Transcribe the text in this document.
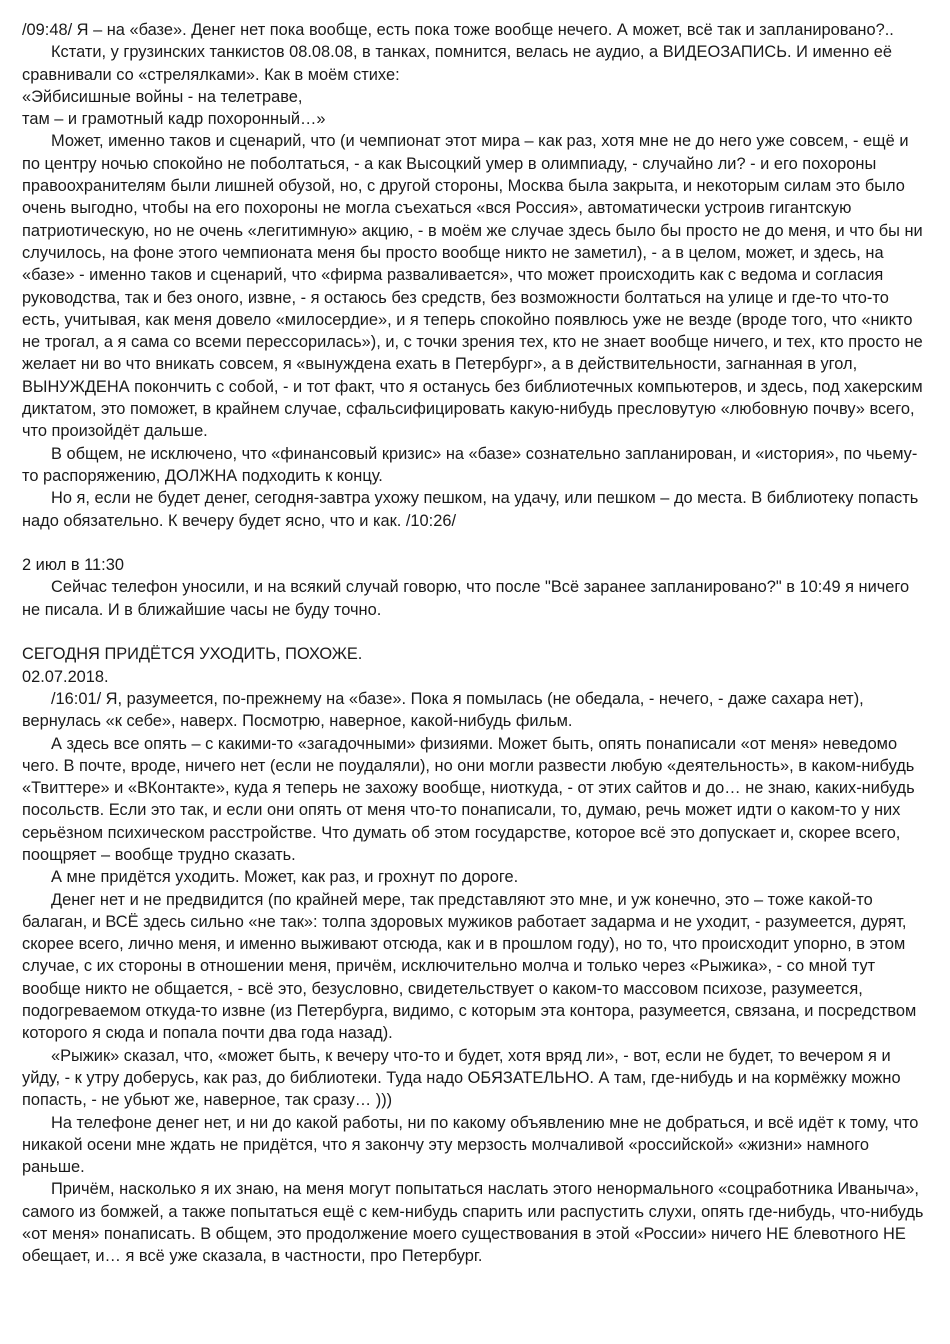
/09:48/ Я – на «базе». Денег нет пока вообще, есть пока тоже вообще нечего. А может, всё так и запланировано?..

Кстати, у грузинских танкистов 08.08.08, в танках, помнится, велась не аудио, а ВИДЕОЗАПИСЬ. И именно её сравнивали со «стрелялками». Как в моём стихе:

«Эйбисишные войны - на телетраве,

там – и грамотный кадр похоронный…»

Может, именно таков и сценарий, что (и чемпионат этот мира – как раз, хотя мне не до него уже совсем, - ещё и по центру ночью спокойно не поболтаться, - а как Высоцкий умер в олимпиаду, - случайно ли? - и его похороны правоохранителям были лишней обузой, но, с другой стороны, Москва была закрыта, и некоторым силам это было очень выгодно, чтобы на его похороны не могла съехаться «вся Россия», автоматически устроив гигантскую патриотическую, но не очень «легитимную» акцию, - в моём же случае здесь было бы просто не до меня, и что бы ни случилось, на фоне этого чемпионата меня бы просто вообще никто не заметил), - а в целом, может, и здесь, на «базе» - именно таков и сценарий, что «фирма разваливается», что может происходить как с ведома и согласия руководства, так и без оного, извне, - я остаюсь без средств, без возможности болтаться на улице и где-то что-то есть, учитывая, как меня довело «милосердие», и я теперь спокойно появлюсь уже не везде (вроде того, что «никто не трогал, а я сама со всеми перессорилась»), и, с точки зрения тех, кто не знает вообще ничего, и тех, кто просто не желает ни во что вникать совсем, я «вынуждена ехать в Петербург», а в действительности, загнанная в угол, ВЫНУЖДЕНА покончить с собой, - и тот факт, что я останусь без библиотечных компьютеров, и здесь, под хакерским диктатом, это поможет, в крайнем случае, сфальсифицировать какую-нибудь пресловутую «любовную почву» всего, что произойдёт дальше.

В общем, не исключено, что «финансовый кризис» на «базе» сознательно запланирован, и «история», по чьему-то распоряжению, ДОЛЖНА подходить к концу.

Но я, если не будет денег, сегодня-завтра ухожу пешком, на удачу, или пешком – до места. В библиотеку попасть надо обязательно. К вечеру будет ясно, что и как. /10:26/

2 июл в 11:30

Сейчас телефон уносили, и на всякий случай говорю, что после "Всё заранее запланировано?" в 10:49 я ничего не писала. И в ближайшие часы не буду точно.

СЕГОДНЯ ПРИДЁТСЯ УХОДИТЬ, ПОХОЖЕ.

02.07.2018.

/16:01/ Я, разумеется, по-прежнему на «базе». Пока я помылась (не обедала, - нечего, - даже сахара нет), вернулась «к себе», наверх. Посмотрю, наверное, какой-нибудь фильм.

А здесь все опять – с какими-то «загадочными» физиями. Может быть, опять понаписали «от меня» неведомо чего. В почте, вроде, ничего нет (если не поудаляли), но они могли развести любую «деятельность», в каком-нибудь «Твиттере» и «ВКонтакте», куда я теперь не захожу вообще, ниоткуда, - от этих сайтов и до… не знаю, каких-нибудь посольств. Если это так, и если они опять от меня что-то понаписали, то, думаю, речь может идти о каком-то у них серьёзном психическом расстройстве. Что думать об этом государстве, которое всё это допускает и, скорее всего, поощряет – вообще трудно сказать.

А мне придётся уходить. Может, как раз, и грохнут по дороге.

Денег нет и не предвидится (по крайней мере, так представляют это мне, и уж конечно, это – тоже какой-то балаган, и ВСЁ здесь сильно «не так»: толпа здоровых мужиков работает задарма и не уходит, - разумеется, дурят, скорее всего, лично меня, и именно выживают отсюда, как и в прошлом году), но то, что происходит упорно, в этом случае, с их стороны в отношении меня, причём, исключительно молча и только через «Рыжика», - со мной тут вообще никто не общается, - всё это, безусловно, свидетельствует о каком-то массовом психозе, разумеется, подогреваемом откуда-то извне (из Петербурга, видимо, с которым эта контора, разумеется, связана, и посредством которого я сюда и попала почти два года назад).

«Рыжик» сказал, что, «может быть, к вечеру что-то и будет, хотя вряд ли», - вот, если не будет, то вечером я и уйду, - к утру доберусь, как раз, до библиотеки. Туда надо ОБЯЗАТЕЛЬНО. А там, где-нибудь и на кормёжку можно попасть, - не убьют же, наверное, так сразу… )))

На телефоне денег нет, и ни до какой работы, ни по какому объявлению мне не добраться, и всё идёт к тому, что никакой осени мне ждать не придётся, что я закончу эту мерзость молчаливой «российской» «жизни» намного раньше.

Причём, насколько я их знаю, на меня могут попытаться наслать этого ненормального «соцработника Иваныча», самого из бомжей, а также попытаться ещё с кем-нибудь спарить или распустить слухи, опять где-нибудь, что-нибудь «от меня» понаписать. В общем, это продолжение моего существования в этой «России» ничего НЕ блевотного НЕ обещает, и… я всё уже сказала, в частности, про Петербург.
